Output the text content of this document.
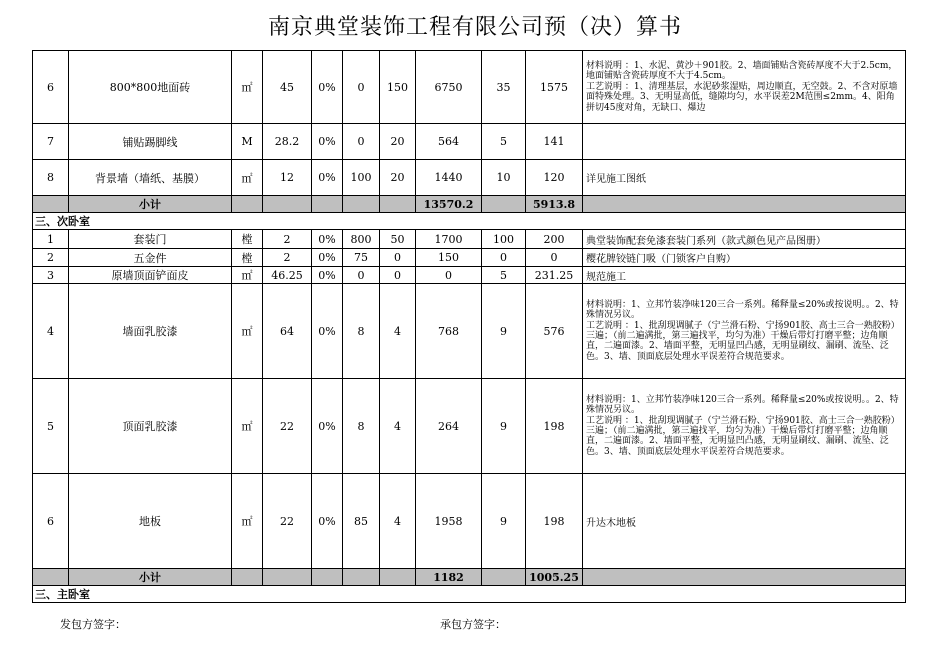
南京典堂装饰工程有限公司预（决）算书
6	800*800地面砖	㎡	45	0%	0	150	6750	35	1575	材料说明 ：1、水泥、黄沙＋901胶。2、墙面铺贴含瓷砖厚度不大于2.5cm，地面铺贴含瓷砖厚度不大于4.5cm。
工艺说明 ：1、清理基层，水泥砂浆湿贴，周边顺直，无空鼓。2、不含对原墙面特殊处理。3、无明显高低，缝隙均匀，水平误差2M范围≤2mm。4、阳角拼切45度对角，无缺口、爆边
7	铺贴踢脚线	M	28.2	0%	0	20	564	5	141	
8	背景墙（墙纸、基膜）	㎡	12	0%	100	20	1440	10	120	详见施工图纸
	小计						13570.2		5913.8	
三、次卧室										
1	套装门	樘	2	0%	800	50	1700	100	200	典堂装饰配套免漆套装门系列（款式颜色见产品图册）
2	五金件	樘	2	0%	75	0	150	0	0	樱花牌铰链门吸（门锁客户自购）
3	原墙顶面铲面皮	㎡	46.25	0%	0	0	0	5	231.25	规范施工
4	墙面乳胶漆	㎡	64	0%	8	4	768	9	576	材料说明：1、立邦竹装净味120三合一系列。稀释量≤20%或按说明。。2、特殊情况另议。
工艺说明 ：1、批刮现调腻子（宁兰滑石粉、宁扬901胶、高士三合一熟胶粉）三遍；（前二遍满批，第三遍找平，均匀为准）干燥后带灯打磨平整；边角顺直，二遍面漆。2、墙面平整，无明显凹凸感，无明显刷纹、漏刷、流坠、泛色。3、墙、顶面底层处理水平误差符合规范要求。
5	顶面乳胶漆	㎡	22	0%	8	4	264	9	198	材料说明：1、立邦竹装净味120三合一系列。稀释量≤20%或按说明。。2、特殊情况另议。
工艺说明 ：1、批刮现调腻子（宁兰滑石粉、宁扬901胶、高士三合一熟胶粉）三遍；（前二遍满批，第三遍找平，均匀为准）干燥后带灯打磨平整；边角顺直，二遍面漆。2、墙面平整，无明显凹凸感，无明显刷纹、漏刷、流坠、泛色。3、墙、顶面底层处理水平误差符合规范要求。
6	地板	㎡	22	0%	85	4	1958	9	198	升达木地板
	小计						1182		1005.25	
三、主卧室										
发包方签字：	承包方签字：
